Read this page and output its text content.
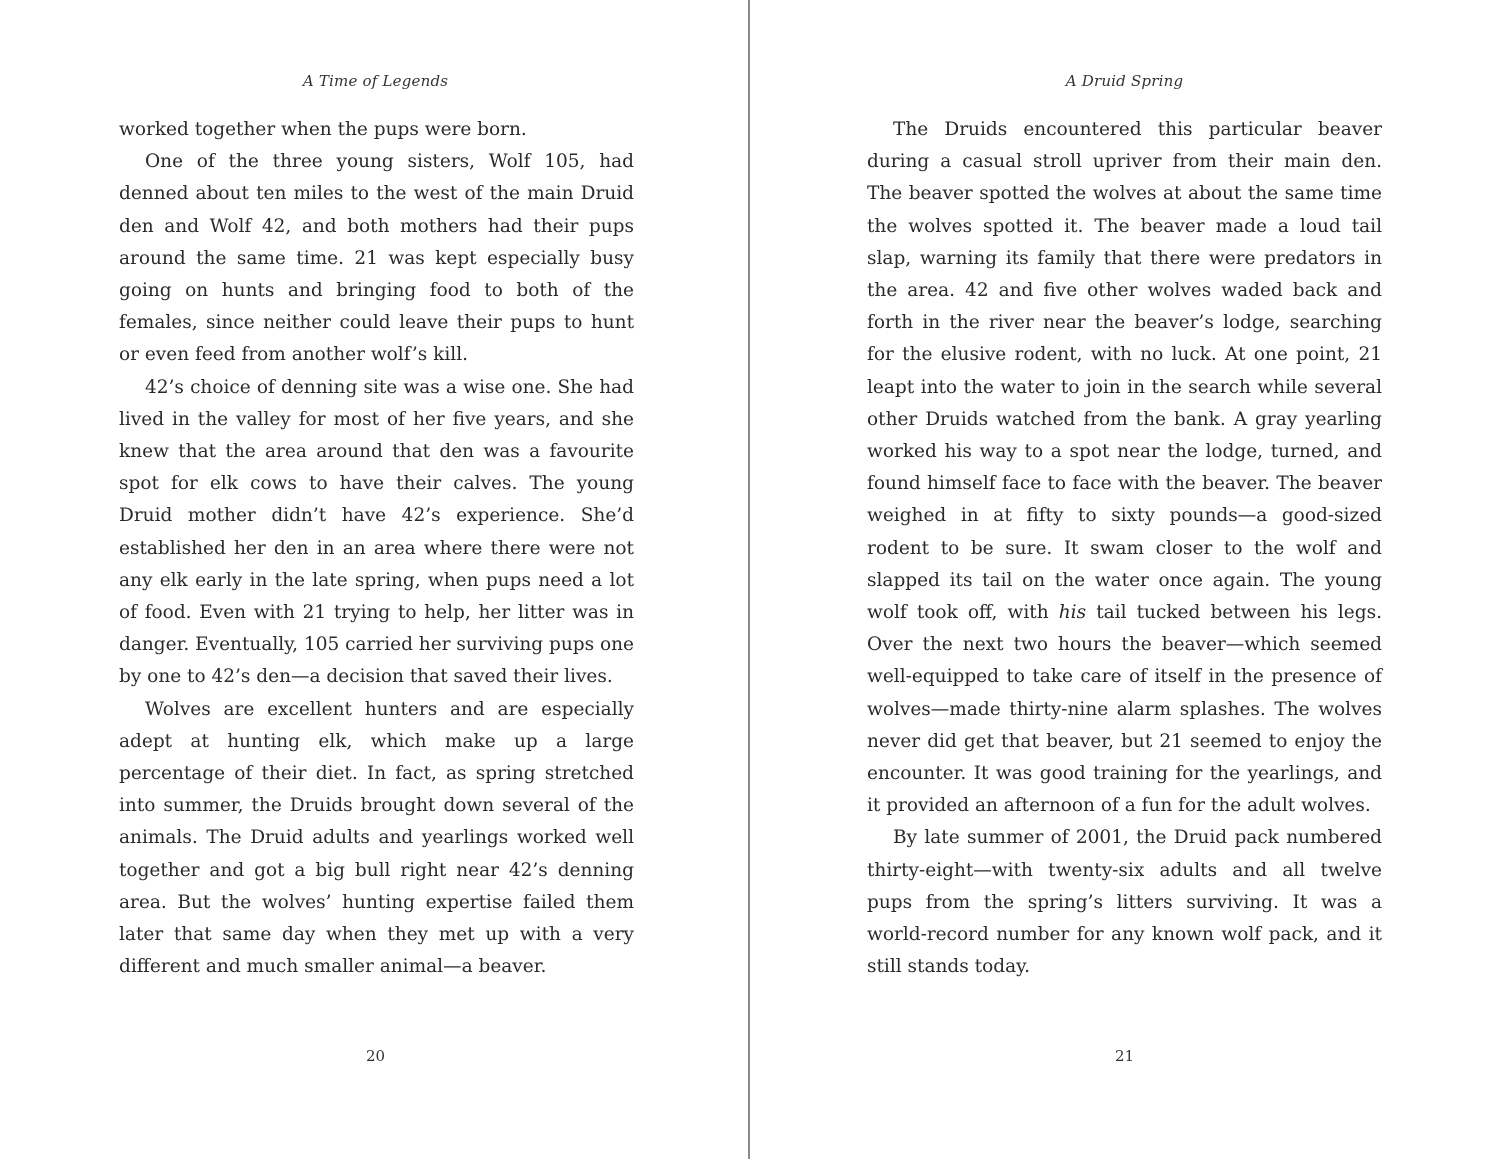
A Time of Legends

worked together when the pups were born.

One of the three young sisters, Wolf 105, had denned about ten miles to the west of the main Druid den and Wolf 42, and both mothers had their pups around the same time. 21 was kept especially busy going on hunts and bringing food to both of the females, since neither could leave their pups to hunt or even feed from another wolf’s kill.

42’s choice of denning site was a wise one. She had lived in the valley for most of her five years, and she knew that the area around that den was a favourite spot for elk cows to have their calves. The young Druid mother didn’t have 42’s experience. She’d established her den in an area where there were not any elk early in the late spring, when pups need a lot of food. Even with 21 trying to help, her litter was in danger. Eventually, 105 carried her surviving pups one by one to 42’s den—a decision that saved their lives.

Wolves are excellent hunters and are especially adept at hunting elk, which make up a large percentage of their diet. In fact, as spring stretched into summer, the Druids brought down several of the animals. The Druid adults and yearlings worked well together and got a big bull right near 42’s denning area. But the wolves’ hunting expertise failed them later that same day when they met up with a very different and much smaller animal—a beaver.

20
A Druid Spring

The Druids encountered this particular beaver during a casual stroll upriver from their main den. The beaver spotted the wolves at about the same time the wolves spotted it. The beaver made a loud tail slap, warning its family that there were predators in the area. 42 and five other wolves waded back and forth in the river near the beaver’s lodge, searching for the elusive rodent, with no luck. At one point, 21 leapt into the water to join in the search while several other Druids watched from the bank. A gray yearling worked his way to a spot near the lodge, turned, and found himself face to face with the beaver. The beaver weighed in at fifty to sixty pounds—a good-sized rodent to be sure. It swam closer to the wolf and slapped its tail on the water once again. The young wolf took off, with his tail tucked between his legs. Over the next two hours the beaver—which seemed well-equipped to take care of itself in the presence of wolves—made thirty-nine alarm splashes. The wolves never did get that beaver, but 21 seemed to enjoy the encounter. It was good training for the yearlings, and it provided an afternoon of a fun for the adult wolves.

By late summer of 2001, the Druid pack numbered thirty-eight—with twenty-six adults and all twelve pups from the spring’s litters surviving. It was a world-record number for any known wolf pack, and it still stands today.

21
